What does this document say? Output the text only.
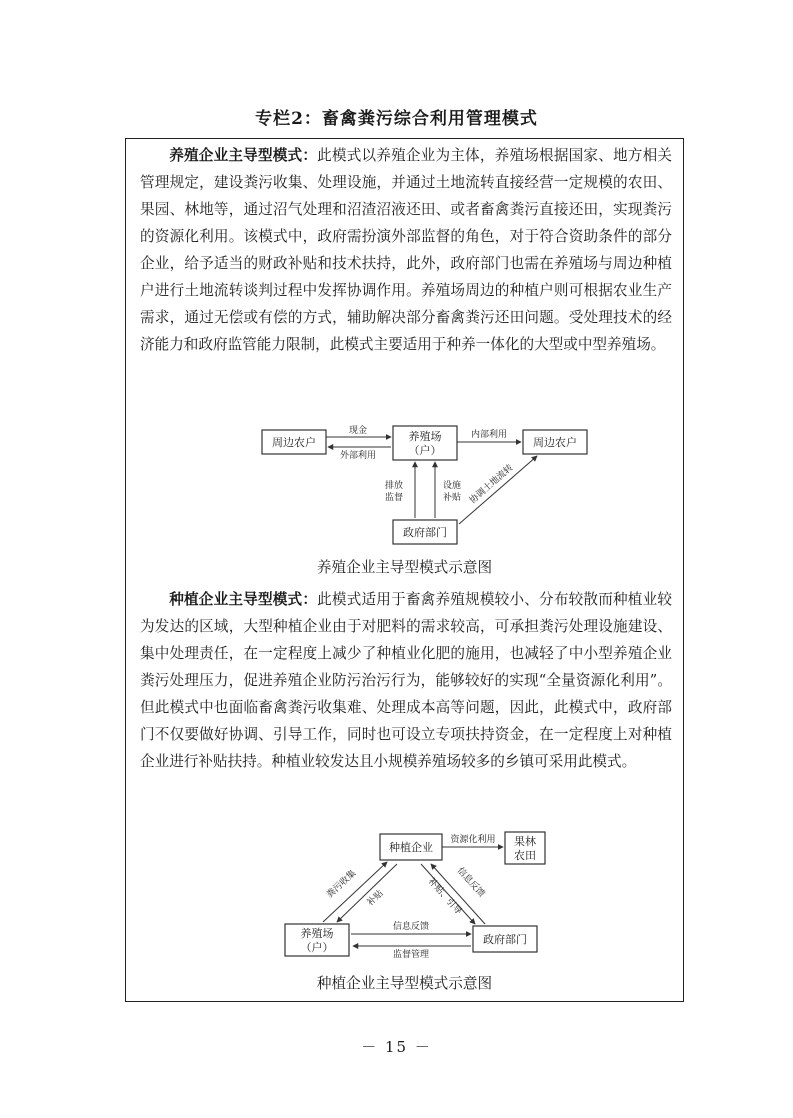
专栏2：畜禽粪污综合利用管理模式

养殖企业主导型模式：此模式以养殖企业为主体，养殖场根据国家、地方相关管理规定，建设粪污收集、处理设施，并通过土地流转直接经营一定规模的农田、果园、林地等，通过沼气处理和沼渣沼液还田、或者畜禽粪污直接还田，实现粪污的资源化利用。该模式中，政府需扮演外部监督的角色，对于符合资助条件的部分企业，给予适当的财政补贴和技术扶持，此外，政府部门也需在养殖场与周边种植户进行土地流转谈判过程中发挥协调作用。养殖场周边的种植户则可根据农业生产需求，通过无偿或有偿的方式，辅助解决部分畜禽粪污还田问题。受处理技术的经济能力和政府监管能力限制，此模式主要适用于种养一体化的大型或中型养殖场。

周边农户	养殖场
（户）
周边农户
政府部门
现金
外部利用
内部利用
排放
监督
设施
补贴 协调土地流转
养殖企业主导型模式示意图

种植企业主导型模式：此模式适用于畜禽养殖规模较小、分布较散而种植业较为发达的区域，大型种植企业由于对肥料的需求较高，可承担粪污处理设施建设、集中处理责任，在一定程度上减少了种植业化肥的施用，也减轻了中小型养殖企业粪污处理压力，促进养殖企业防污治污行为，能够较好的实现“全量资源化利用”。但此模式中也面临畜禽粪污收集难、处理成本高等问题，因此，此模式中，政府部门不仅要做好协调、引导工作，同时也可设立专项扶持资金，在一定程度上对种植企业进行补贴扶持。种植业较发达且小规模养殖场较多的乡镇可采用此模式。

种植企业	果林
农田
养殖场
（户）
政府部门
资源化利用
粪污收集 补贴	信息反馈
补贴、引导
信息反馈
监督管理
种植企业主导型模式示意图
－ 15 －
